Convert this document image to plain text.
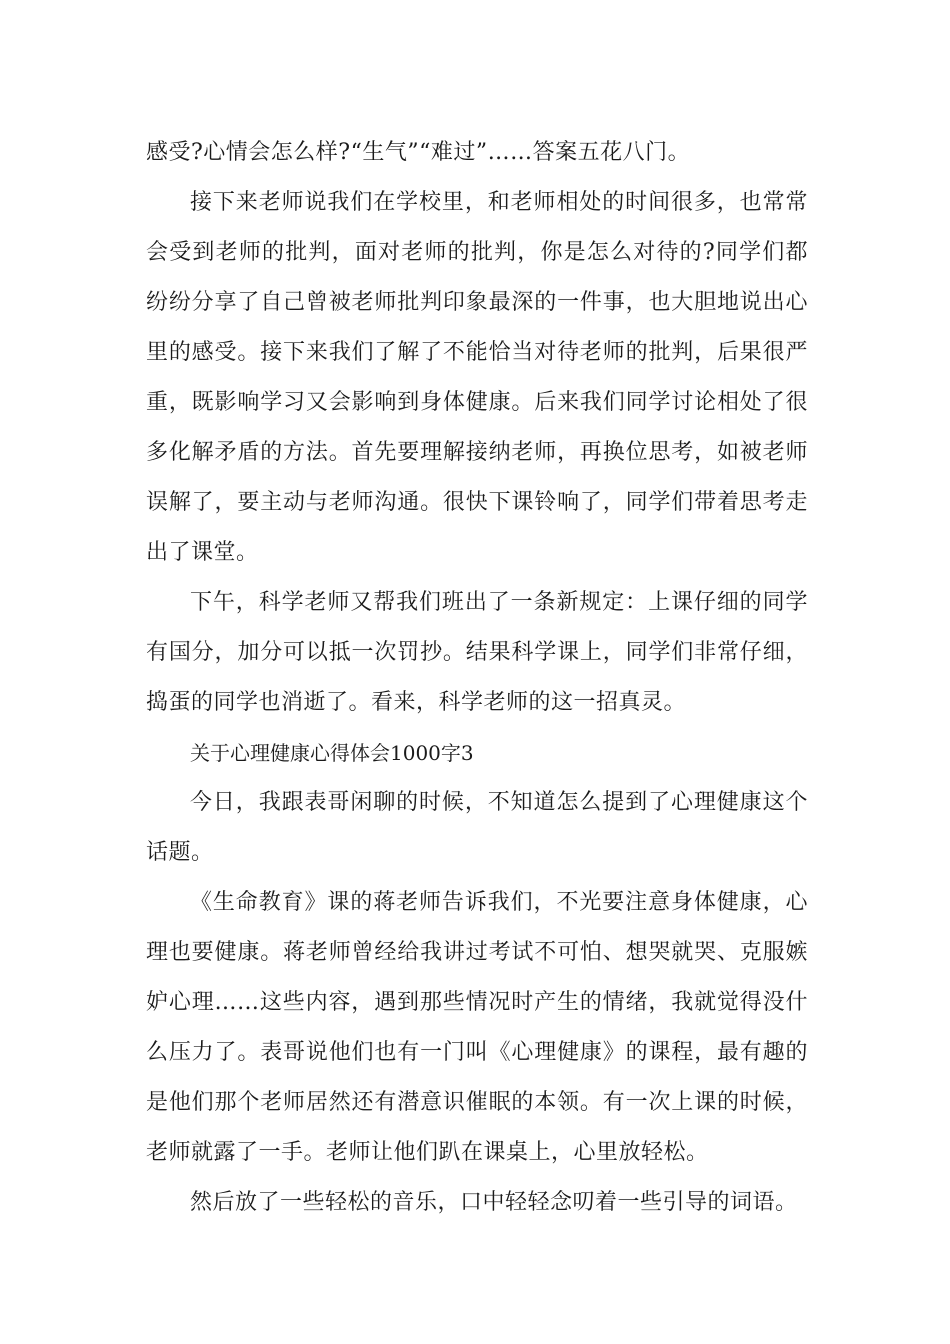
感受?心情会怎么样?“生气”“难过”……答案五花八门。

接下来老师说我们在学校里，和老师相处的时间很多，也常常会受到老师的批判，面对老师的批判，你是怎么对待的?同学们都纷纷分享了自己曾被老师批判印象最深的一件事，也大胆地说出心里的感受。接下来我们了解了不能恰当对待老师的批判，后果很严重，既影响学习又会影响到身体健康。后来我们同学讨论相处了很多化解矛盾的方法。首先要理解接纳老师，再换位思考，如被老师误解了，要主动与老师沟通。很快下课铃响了，同学们带着思考走出了课堂。

下午，科学老师又帮我们班出了一条新规定：上课仔细的同学有国分，加分可以抵一次罚抄。结果科学课上，同学们非常仔细，捣蛋的同学也消逝了。看来，科学老师的这一招真灵。

关于心理健康心得体会1000字3

今日，我跟表哥闲聊的时候，不知道怎么提到了心理健康这个话题。

《生命教育》课的蒋老师告诉我们，不光要注意身体健康，心理也要健康。蒋老师曾经给我讲过考试不可怕、想哭就哭、克服嫉妒心理……这些内容，遇到那些情况时产生的情绪，我就觉得没什么压力了。表哥说他们也有一门叫《心理健康》的课程，最有趣的是他们那个老师居然还有潜意识催眠的本领。有一次上课的时候，老师就露了一手。老师让他们趴在课桌上，心里放轻松。

然后放了一些轻松的音乐，口中轻轻念叨着一些引导的词语。
